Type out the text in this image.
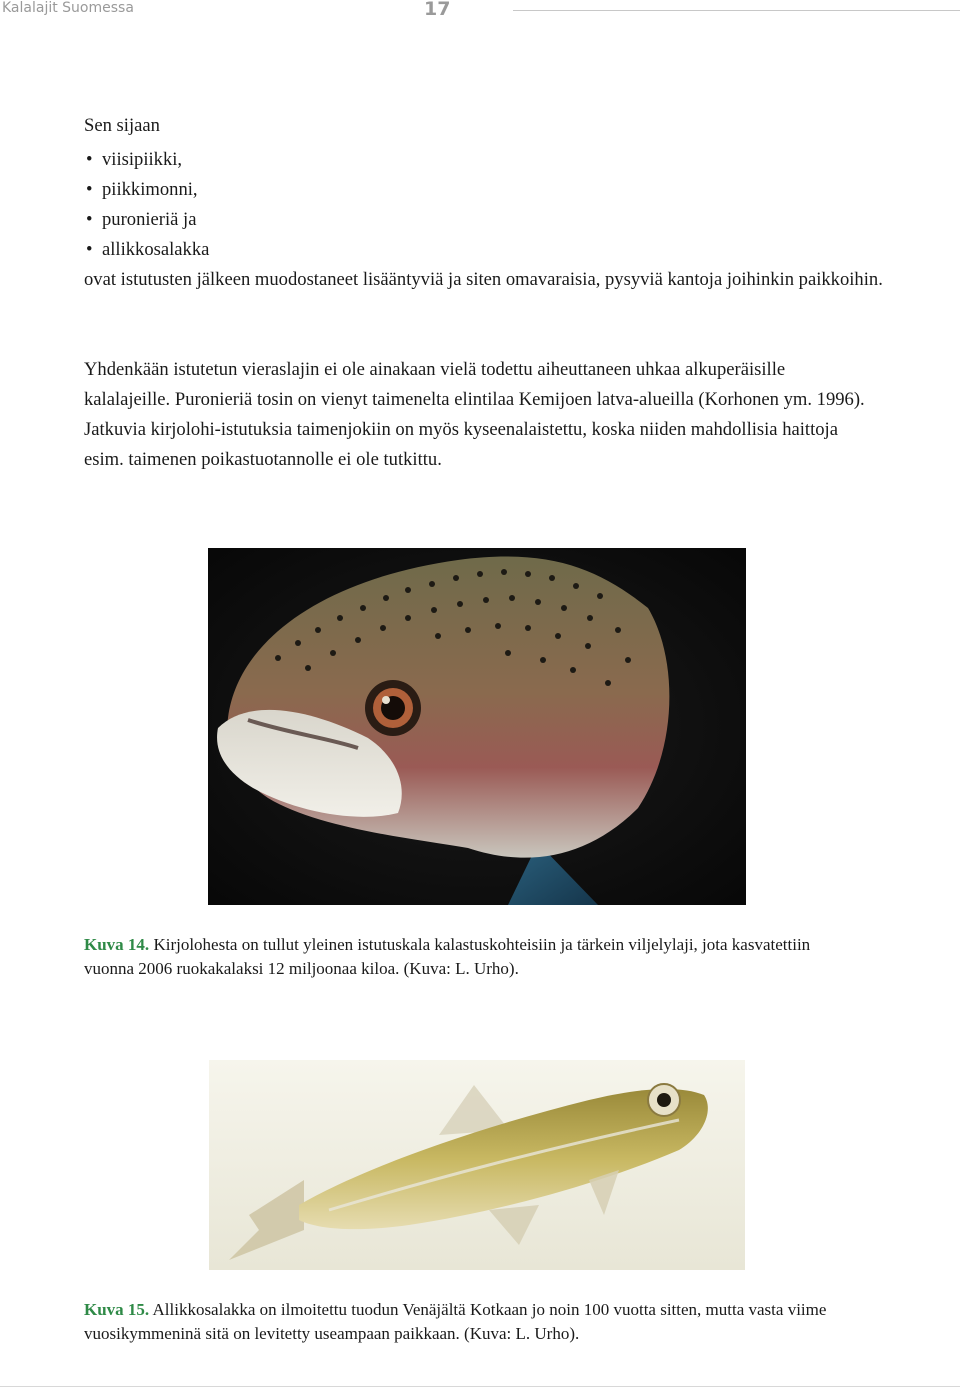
Kalalajit Suomessa	17

Sen sijaan

• viisipiikki,
• piikkimonni,
• puronieriä ja
• allikkosalakka

ovat istutusten jälkeen muodostaneet lisääntyviä ja siten omavaraisia, pysyviä kantoja joihinkin paikkoihin.

Yhdenkään istutetun vieraslajin ei ole ainakaan vielä todettu aiheuttaneen uhkaa alkuperäisille kalalajeille. Puronieriä tosin on vienyt taimenelta elintilaa Kemijoen latva-alueilla (Korhonen ym. 1996). Jatkuvia kirjolohi-istutuksia taimenjokiin on myös kyseenalaistettu, koska niiden mahdollisia haittoja esim. taimenen poikastuotannolle ei ole tutkittu.

Kuva 14. Kirjolohesta on tullut yleinen istutuskala kalastuskohteisiin ja tärkein viljelylaji, jota kasvatettiin vuonna 2006 ruokakalaksi 12 miljoonaa kiloa. (Kuva: L. Urho).
Kuva 15. Allikkosalakka on ilmoitettu tuodun Venäjältä Kotkaan jo noin 100 vuotta sitten, mutta vasta viime vuosikymmeninä sitä on levitetty useampaan paikkaan. (Kuva: L. Urho).
